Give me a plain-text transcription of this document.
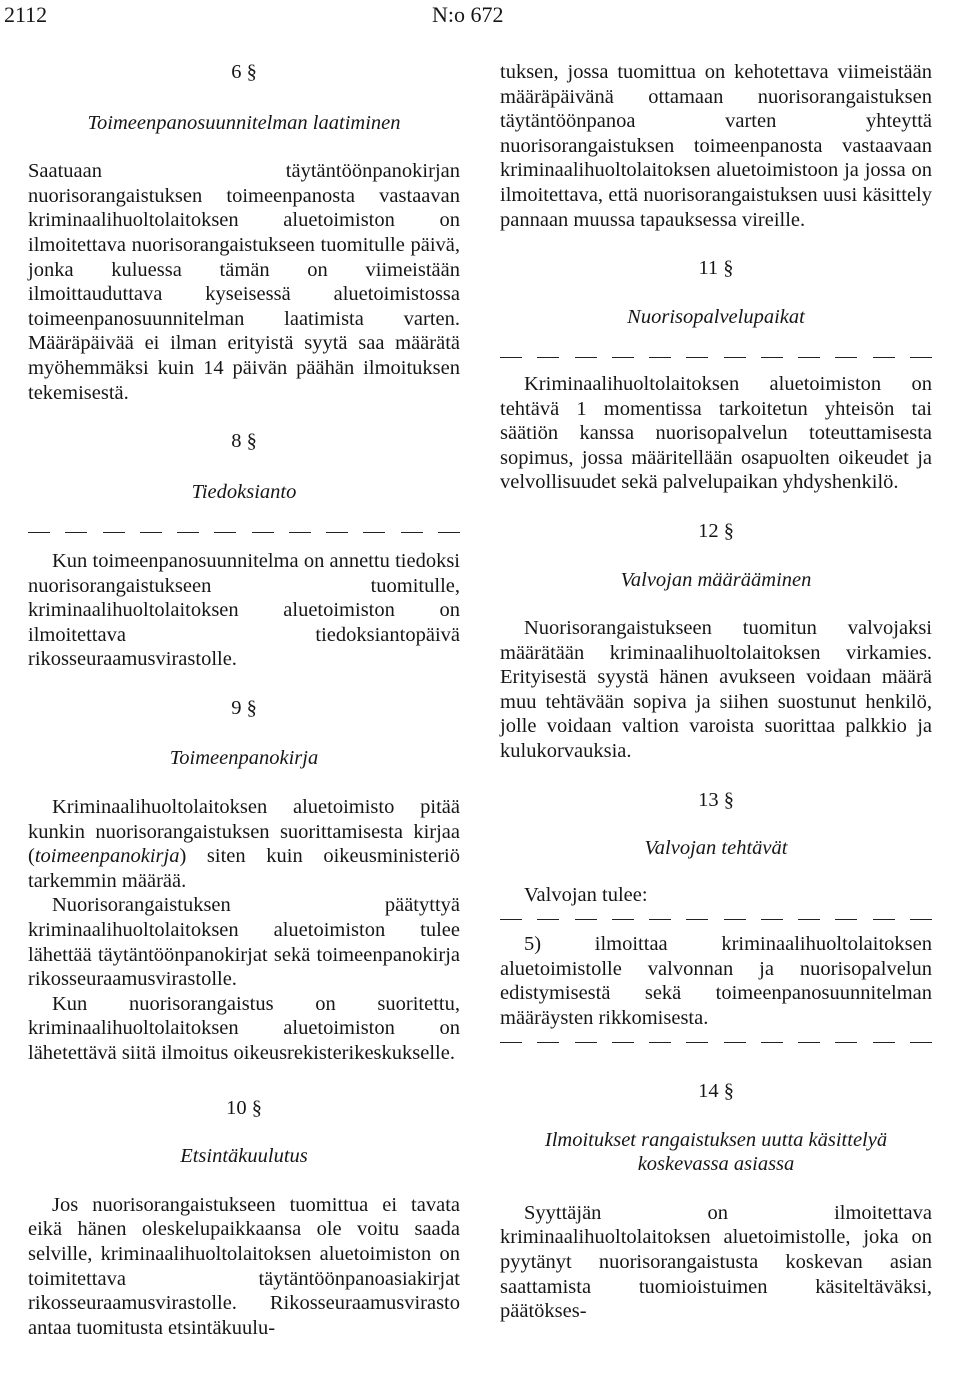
2112	N:o 672

6 §

Toimeenpanosuunnitelman laatiminen

Saatuaan täytäntöönpanokirjan nuorisorangaistuksen toimeenpanosta vastaavan kriminaalihuoltolaitoksen aluetoimiston on ilmoitettava nuorisorangaistukseen tuomitulle päivä, jonka kuluessa tämän on viimeistään ilmoittauduttava kyseisessä aluetoimistossa toimeenpanosuunnitelman laatimista varten. Määräpäivää ei ilman erityistä syytä saa määrätä myöhemmäksi kuin 14 päivän päähän ilmoituksen tekemisestä.

8 §

Tiedoksianto

Kun toimeenpanosuunnitelma on annettu tiedoksi nuorisorangaistukseen tuomitulle, kriminaalihuoltolaitoksen aluetoimiston on ilmoitettava tiedoksiantopäivä rikosseuraamusvirastolle.

9 §

Toimeenpanokirja

Kriminaalihuoltolaitoksen aluetoimisto pitää kunkin nuorisorangaistuksen suorittamisesta kirjaa (toimeenpanokirja) siten kuin oikeusministeriö tarkemmin määrää.

Nuorisorangaistuksen päätyttyä kriminaalihuoltolaitoksen aluetoimiston tulee lähettää täytäntöönpanokirjat sekä toimeenpanokirja rikosseuraamusvirastolle.

Kun nuorisorangaistus on suoritettu, kriminaalihuoltolaitoksen aluetoimiston on lähetettävä siitä ilmoitus oikeusrekisterikeskukselle.

10 §

Etsintäkuulutus

Jos nuorisorangaistukseen tuomittua ei tavata eikä hänen oleskelupaikkaansa ole voitu saada selville, kriminaalihuoltolaitoksen aluetoimiston on toimitettava täytäntöönpanoasiakirjat rikosseuraamusvirastolle. Rikosseuraamusvirasto antaa tuomitusta etsintäkuulu-

tuksen, jossa tuomittua on kehotettava viimeistään määräpäivänä ottamaan nuorisorangaistuksen täytäntöönpanoa varten yhteyttä nuorisorangaistuksen toimeenpanosta vastaavaan kriminaalihuoltolaitoksen aluetoimistoon ja jossa on ilmoitettava, että nuorisorangaistuksen uusi käsittely pannaan muussa tapauksessa vireille.

11 §

Nuorisopalvelupaikat

Kriminaalihuoltolaitoksen aluetoimiston on tehtävä 1 momentissa tarkoitetun yhteisön tai säätiön kanssa nuorisopalvelun toteuttamisesta sopimus, jossa määritellään osapuolten oikeudet ja velvollisuudet sekä palvelupaikan yhdyshenkilö.

12 §

Valvojan määrääminen

Nuorisorangaistukseen tuomitun valvojaksi määrätään kriminaalihuoltolaitoksen virkamies. Erityisestä syystä hänen avukseen voidaan määrä muu tehtävään sopiva ja siihen suostunut henkilö, jolle voidaan valtion varoista suorittaa palkkio ja kulukorvauksia.

13 §

Valvojan tehtävät

Valvojan tulee:

5) ilmoittaa kriminaalihuoltolaitoksen aluetoimistolle valvonnan ja nuorisopalvelun edistymisestä sekä toimeenpanosuunnitelman määräysten rikkomisesta.

14 §

Ilmoitukset rangaistuksen uutta käsittelyä koskevassa asiassa

Syyttäjän on ilmoitettava kriminaalihuoltolaitoksen aluetoimistolle, joka on pyytänyt nuorisorangaistusta koskevan asian saattamista tuomioistuimen käsiteltäväksi, päätökses-
